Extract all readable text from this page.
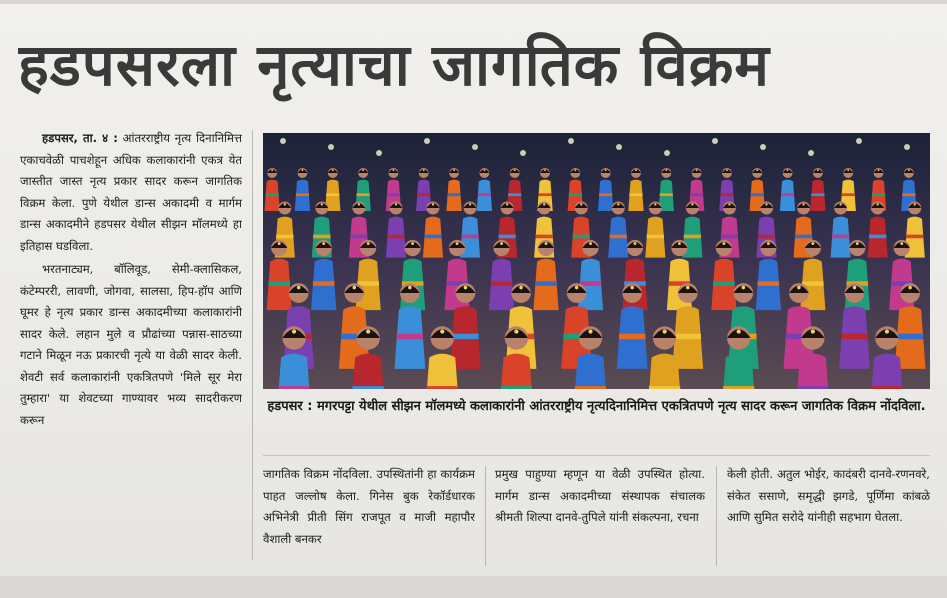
हडपसरला नृत्याचा जागतिक विक्रम

हडपसर, ता. ४ : आंतरराष्ट्रीय नृत्य दिनानिमित्त एकाचवेळी पाचशेहून अधिक कलाकारांनी एकत्र येत जास्तीत जास्त नृत्य प्रकार सादर करून जागतिक विक्रम केला. पुणे येथील डान्स अकादमी व मार्गम डान्स अकादमीने हडपसर येथील सीझन मॉलमध्ये हा इतिहास घडविला.

भरतनाट्यम, बॉलिवूड, सेमी-क्लासिकल, कंटेम्पररी, लावणी, जोगवा, सालसा, हिप-हॉप आणि घूमर हे नृत्य प्रकार डान्स अकादमीच्या कलाकारांनी सादर केले. लहान मुले व प्रौढांच्या पन्नास-साठच्या गटाने मिळून नऊ प्रकारची नृत्ये या वेळी सादर केली. शेवटी सर्व कलाकारांनी एकत्रितपणे 'मिले सूर मेरा तुम्हारा' या शेवटच्या गाण्यावर भव्य सादरीकरण करून

हडपसर : मगरपट्टा येथील सीझन मॉलमध्ये कलाकारांनी आंतरराष्ट्रीय नृत्यदिनानिमित्त एकत्रितपणे नृत्य सादर करून जागतिक विक्रम नोंदविला.
जागतिक विक्रम नोंदविला. उपस्थितांनी हा कार्यक्रम पाहत जल्लोष केला. गिनेस बुक रेकॉर्डधारक अभिनेत्री प्रीती सिंग राजपूत व माजी महापौर वैशाली बनकर
प्रमुख पाहुण्या म्हणून या वेळी उपस्थित होत्या. मार्गम डान्स अकादमीच्या संस्थापक संचालक श्रीमती शिल्पा दानवे-तुपिले यांनी संकल्पना, रचना
केली होती. अतुल भोईर, कादंबरी दानवे-रणनवरे, संकेत ससाणे, समृद्धी झगडे, पूर्णिमा कांबळे आणि सुमित सरोदे यांनीही सहभाग घेतला.
